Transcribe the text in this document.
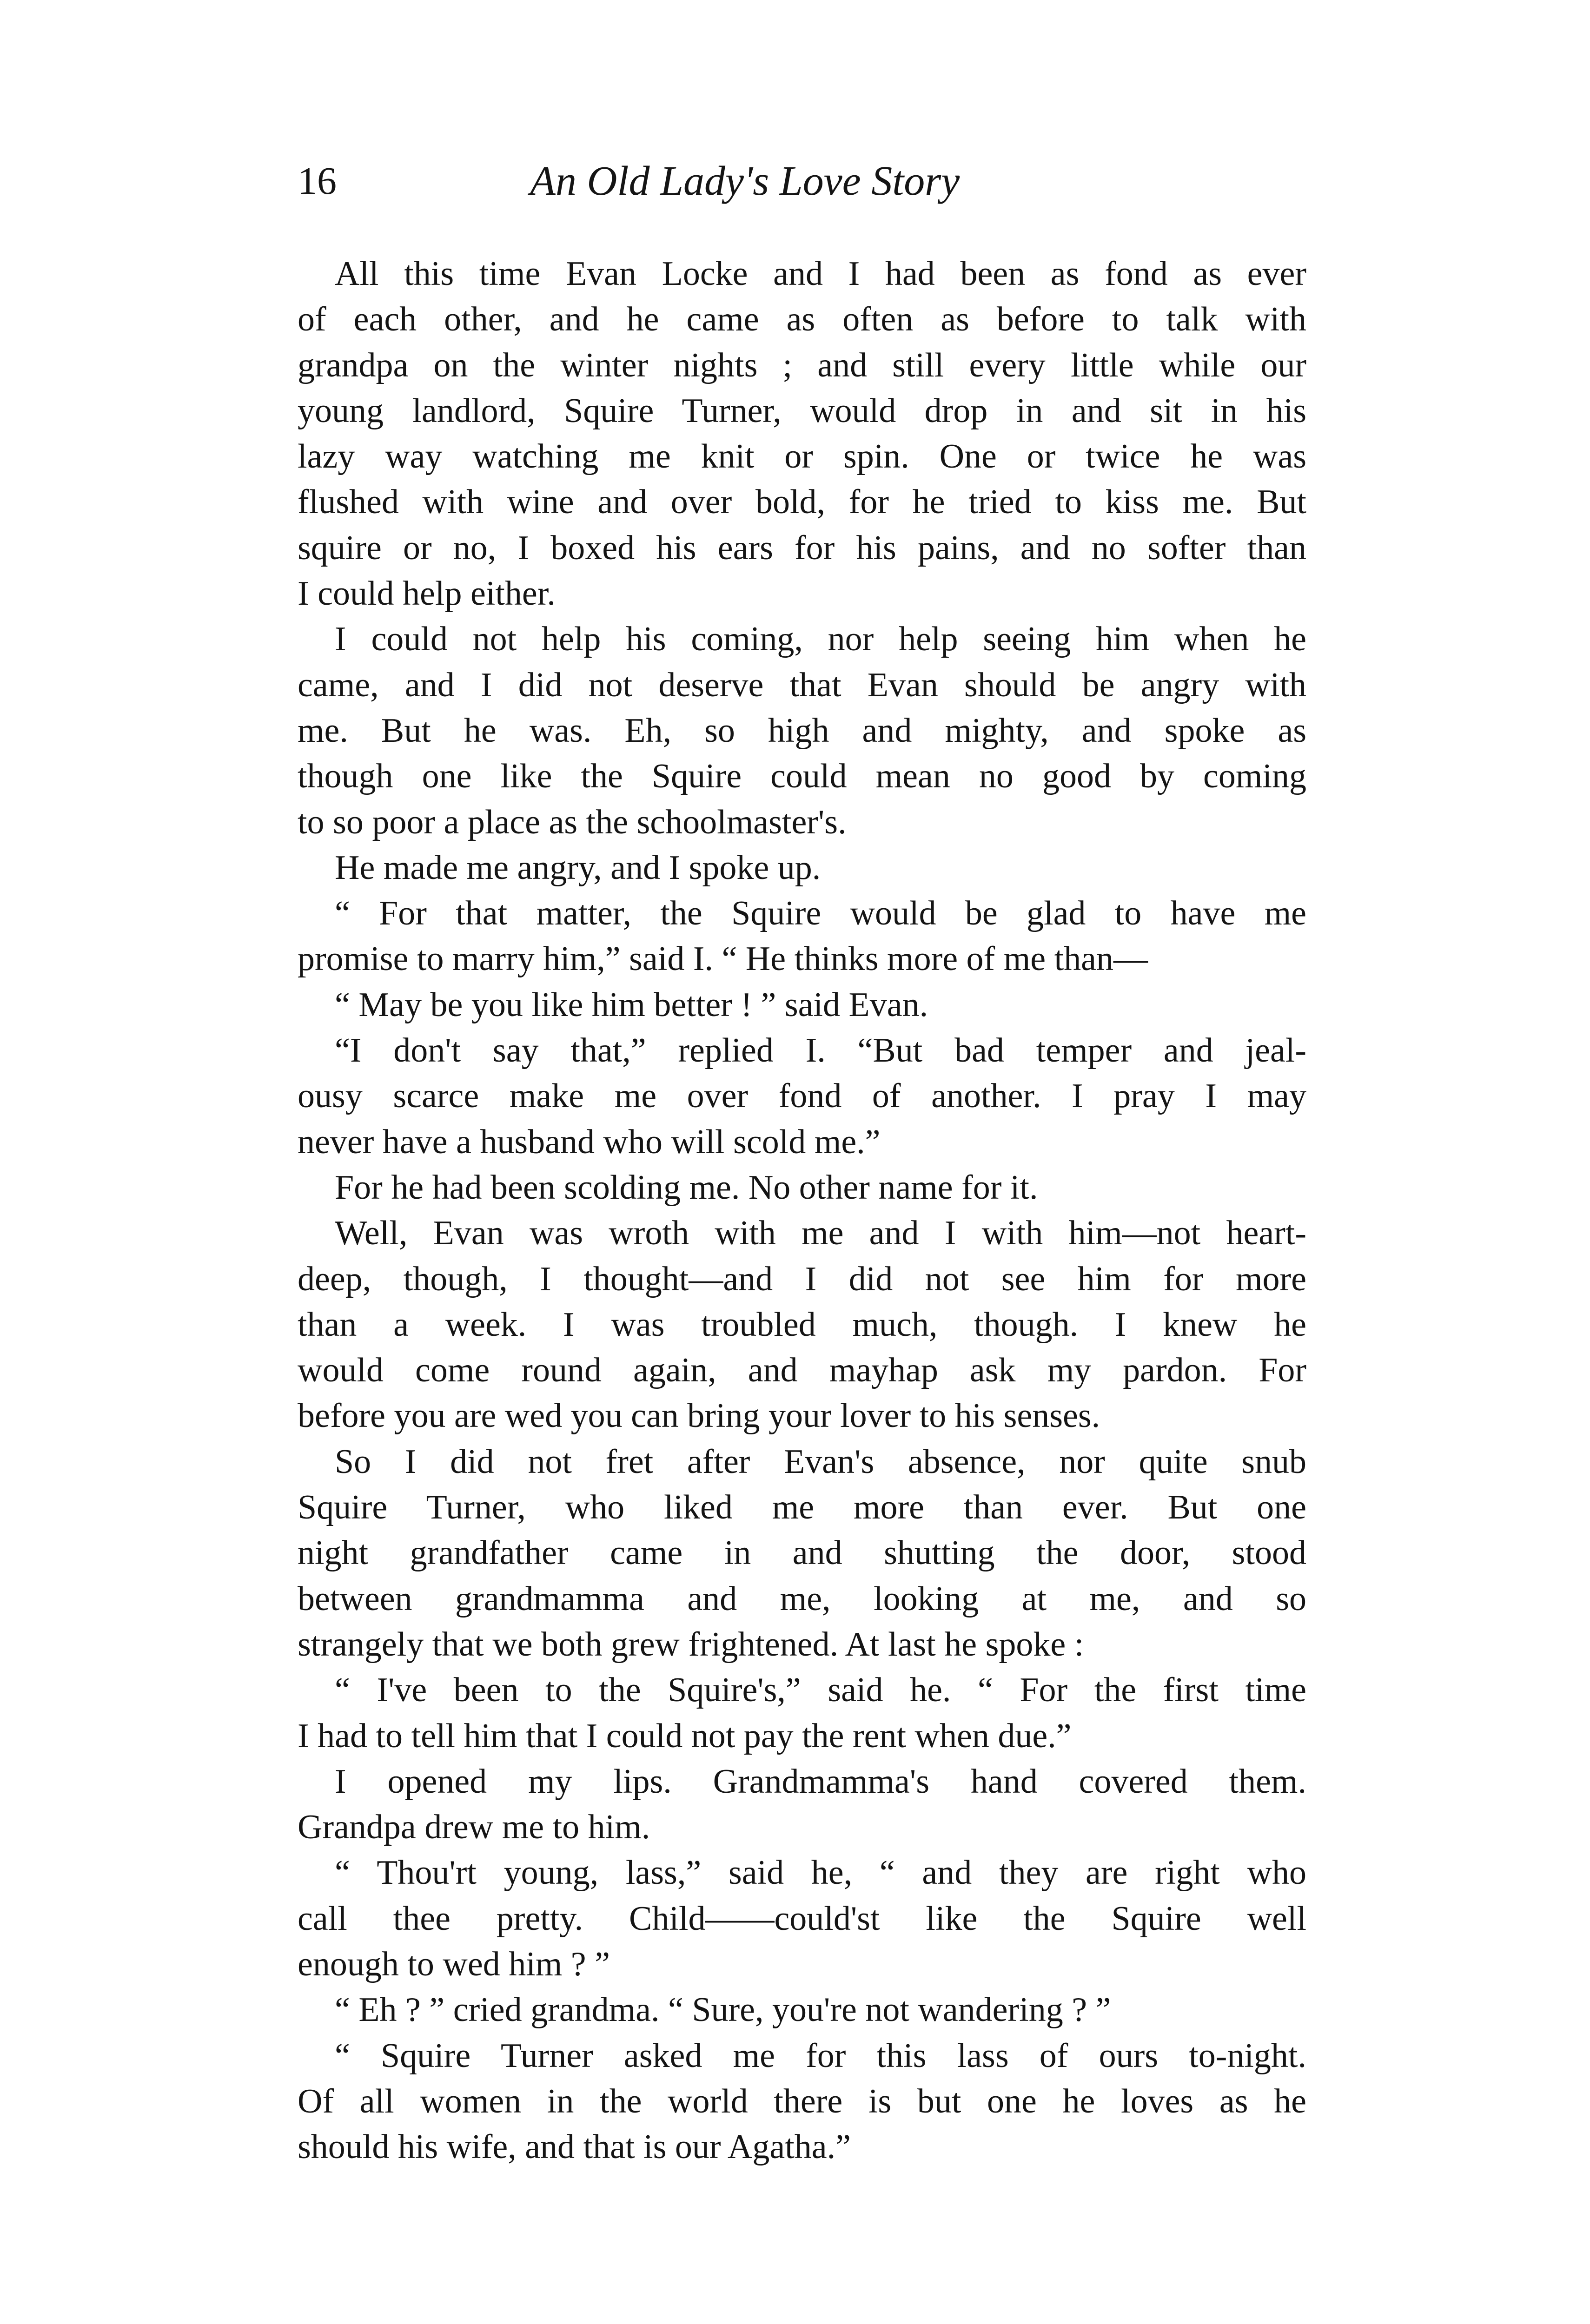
16	An Old Lady's Love Story
All this time Evan Locke and I had been as fond as ever
of each other, and he came as often as before to talk with
grandpa on the winter nights ; and still every little while our
young landlord, Squire Turner, would drop in and sit in his
lazy way watching me knit or spin. One or twice he was
flushed with wine and over bold, for he tried to kiss me. But
squire or no, I boxed his ears for his pains, and no softer than
I could help either.
I could not help his coming, nor help seeing him when he
came, and I did not deserve that Evan should be angry with
me. But he was. Eh, so high and mighty, and spoke as
though one like the Squire could mean no good by coming
to so poor a place as the schoolmaster's.
He made me angry, and I spoke up.
“ For that matter, the Squire would be glad to have me
promise to marry him,” said I. “ He thinks more of me than—
“ May be you like him better ! ” said Evan.
“I don't say that,” replied I. “But bad temper and jeal-
ousy scarce make me over fond of another. I pray I may
never have a husband who will scold me.”
For he had been scolding me. No other name for it.
Well, Evan was wroth with me and I with him—not heart-
deep, though, I thought—and I did not see him for more
than a week. I was troubled much, though. I knew he
would come round again, and mayhap ask my pardon. For
before you are wed you can bring your lover to his senses.
So I did not fret after Evan's absence, nor quite snub
Squire Turner, who liked me more than ever. But one
night grandfather came in and shutting the door, stood
between grandmamma and me, looking at me, and so
strangely that we both grew frightened. At last he spoke :
“ I've been to the Squire's,” said he. “ For the first time
I had to tell him that I could not pay the rent when due.”
I opened my lips. Grandmamma's hand covered them.
Grandpa drew me to him.
“ Thou'rt young, lass,” said he, “ and they are right who
call thee pretty. Child——could'st like the Squire well
enough to wed him ? ”
“ Eh ? ” cried grandma. “ Sure, you're not wandering ? ”
“ Squire Turner asked me for this lass of ours to-night.
Of all women in the world there is but one he loves as he
should his wife, and that is our Agatha.”
